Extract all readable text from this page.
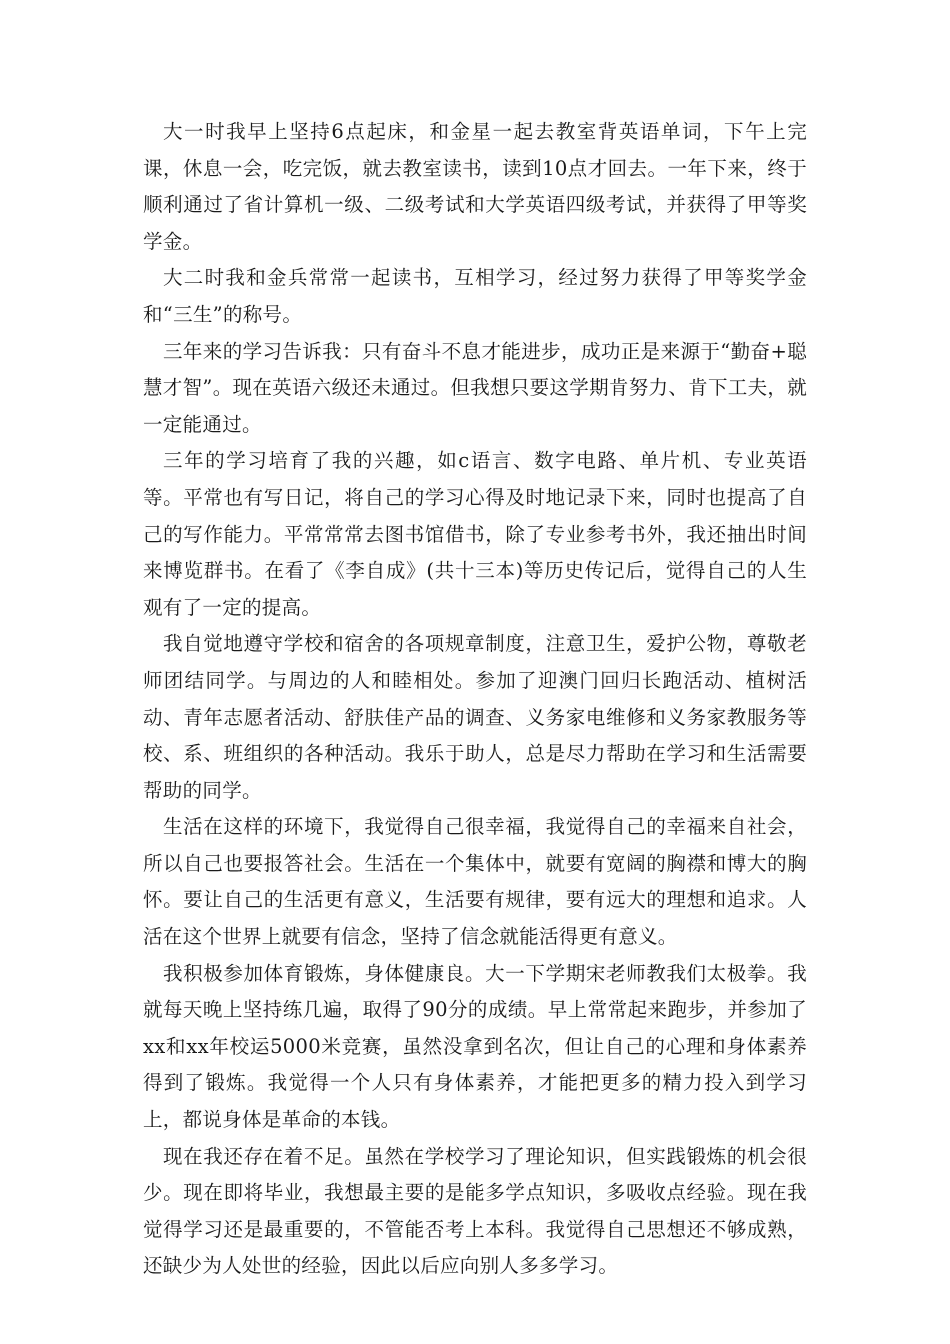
大一时我早上坚持6点起床，和金星一起去教室背英语单词，下午上完课，休息一会，吃完饭，就去教室读书，读到10点才回去。一年下来，终于顺利通过了省计算机一级、二级考试和大学英语四级考试，并获得了甲等奖学金。

大二时我和金兵常常一起读书，互相学习，经过努力获得了甲等奖学金和“三生”的称号。

三年来的学习告诉我：只有奋斗不息才能进步，成功正是来源于“勤奋+聪慧才智”。现在英语六级还未通过。但我想只要这学期肯努力、肯下工夫，就一定能通过。

三年的学习培育了我的兴趣，如c语言、数字电路、单片机、专业英语等。平常也有写日记，将自己的学习心得及时地记录下来，同时也提高了自己的写作能力。平常常常去图书馆借书，除了专业参考书外，我还抽出时间来博览群书。在看了《李自成》(共十三本)等历史传记后，觉得自己的人生观有了一定的提高。

我自觉地遵守学校和宿舍的各项规章制度，注意卫生，爱护公物，尊敬老师团结同学。与周边的人和睦相处。参加了迎澳门回归长跑活动、植树活动、青年志愿者活动、舒肤佳产品的调查、义务家电维修和义务家教服务等校、系、班组织的各种活动。我乐于助人，总是尽力帮助在学习和生活需要帮助的同学。

生活在这样的环境下，我觉得自己很幸福，我觉得自己的幸福来自社会，所以自己也要报答社会。生活在一个集体中，就要有宽阔的胸襟和博大的胸怀。要让自己的生活更有意义，生活要有规律，要有远大的理想和追求。人活在这个世界上就要有信念，坚持了信念就能活得更有意义。

我积极参加体育锻炼，身体健康良。大一下学期宋老师教我们太极拳。我就每天晚上坚持练几遍，取得了90分的成绩。早上常常起来跑步，并参加了xx和xx年校运5000米竞赛，虽然没拿到名次，但让自己的心理和身体素养得到了锻炼。我觉得一个人只有身体素养，才能把更多的精力投入到学习上，都说身体是革命的本钱。

现在我还存在着不足。虽然在学校学习了理论知识，但实践锻炼的机会很少。现在即将毕业，我想最主要的是能多学点知识，多吸收点经验。现在我觉得学习还是最重要的，不管能否考上本科。我觉得自己思想还不够成熟，还缺少为人处世的经验，因此以后应向别人多多学习。
